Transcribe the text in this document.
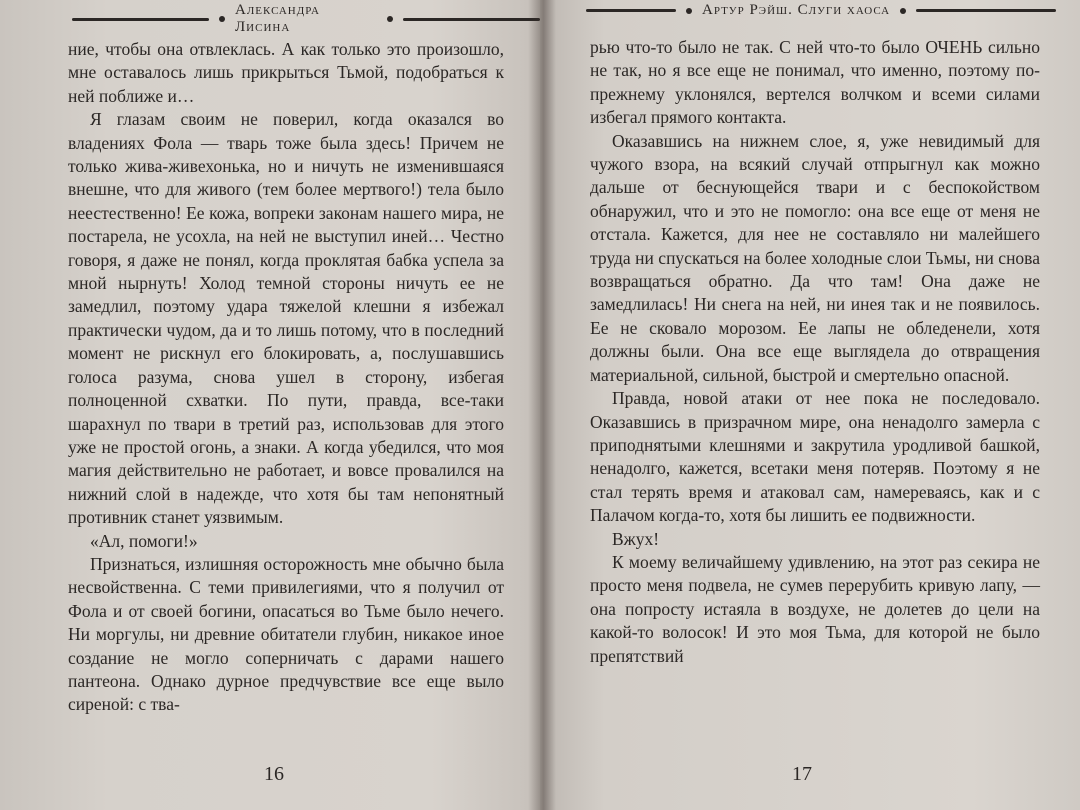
Александра Лисина

ние, чтобы она отвлеклась. А как только это произошло, мне оставалось лишь прикрыться Тьмой, подобраться к ней поближе и…

Я глазам своим не поверил, когда оказался во владениях Фола — тварь тоже была здесь! Причем не только жива-живехонька, но и ничуть не изменившаяся внешне, что для живого (тем более мертвого!) тела было неестественно! Ее кожа, вопреки законам нашего мира, не постарела, не усохла, на ней не выступил иней… Честно говоря, я даже не понял, когда проклятая бабка успела за мной нырнуть! Холод темной стороны ничуть ее не замедлил, поэтому удара тяжелой клешни я избежал практически чудом, да и то лишь потому, что в последний момент не рискнул его блокировать, а, послушавшись голоса разума, снова ушел в сторону, избегая полноценной схватки. По пути, правда, все-таки шарахнул по твари в третий раз, использовав для этого уже не простой огонь, а знаки. А когда убедился, что моя магия действительно не работает, и вовсе провалился на нижний слой в надежде, что хотя бы там непонятный противник станет уязвимым.

«Ал, помоги!»

Признаться, излишняя осторожность мне обычно была несвойственна. С теми привилегиями, что я получил от Фола и от своей богини, опасаться во Тьме было нечего. Ни моргулы, ни древние обитатели глубин, никакое иное создание не могло соперничать с дарами нашего пантеона. Однако дурное предчувствие все еще выло сиреной: с тва-

16
Артур Рэйш. Слуги хаоса

рью что-то было не так. С ней что-то было ОЧЕНЬ сильно не так, но я все еще не понимал, что именно, поэтому по-прежнему уклонялся, вертелся волчком и всеми силами избегал прямого контакта.

Оказавшись на нижнем слое, я, уже невидимый для чужого взора, на всякий случай отпрыгнул как можно дальше от беснующейся твари и с беспокойством обнаружил, что и это не помогло: она все еще от меня не отстала. Кажется, для нее не составляло ни малейшего труда ни спускаться на более холодные слои Тьмы, ни снова возвращаться обратно. Да что там! Она даже не замедлилась! Ни снега на ней, ни инея так и не появилось. Ее не сковало морозом. Ее лапы не обледенели, хотя должны были. Она все еще выглядела до отвращения материальной, сильной, быстрой и смертельно опасной.

Правда, новой атаки от нее пока не последовало. Оказавшись в призрачном мире, она ненадолго замерла с приподнятыми клешнями и закрутила уродливой башкой, ненадолго, кажется, всетаки меня потеряв. Поэтому я не стал терять время и атаковал сам, намереваясь, как и с Палачом когда-то, хотя бы лишить ее подвижности.

Вжух!

К моему величайшему удивлению, на этот раз секира не просто меня подвела, не сумев перерубить кривую лапу, — она попросту истаяла в воздухе, не долетев до цели на какой-то волосок! И это моя Тьма, для которой не было препятствий

17
